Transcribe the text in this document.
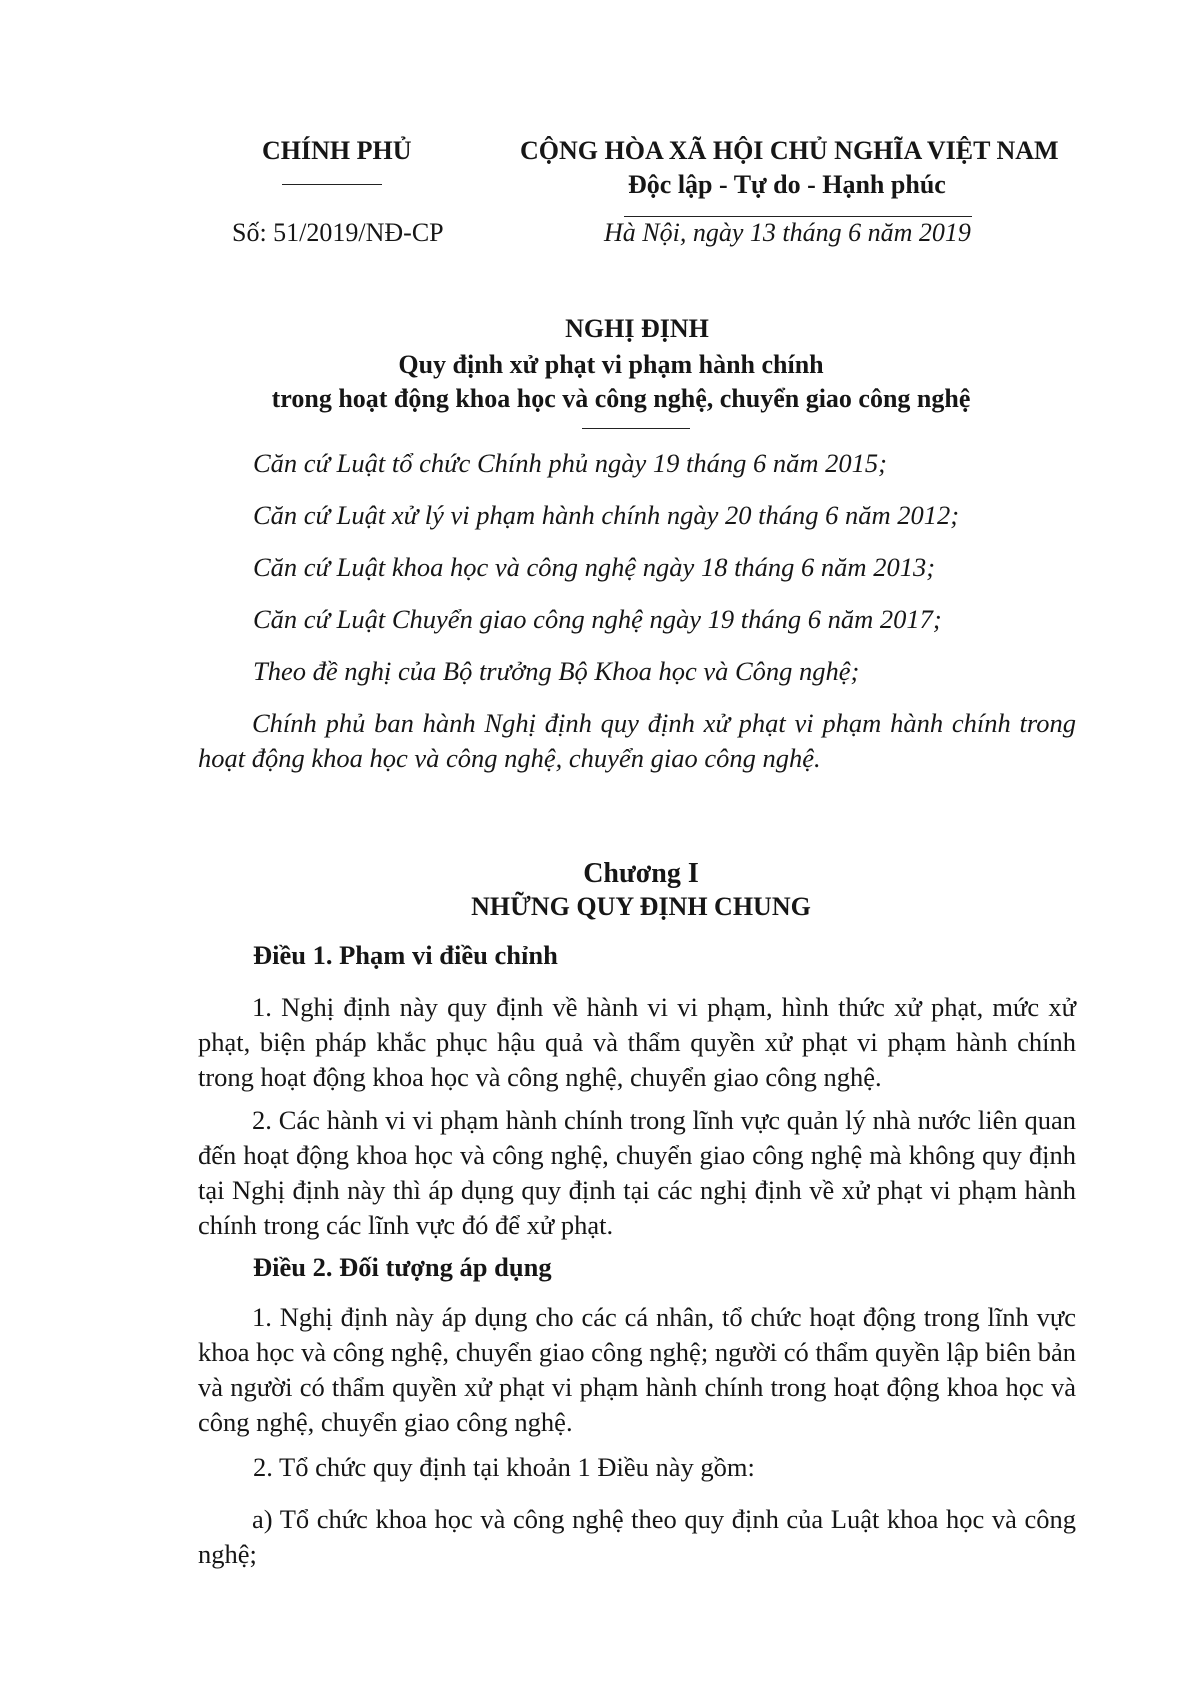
CHÍNH PHỦ	CỘNG HÒA XÃ HỘI CHỦ NGHĨA VIỆT NAM
Độc lập - Tự do - Hạnh phúc
Số: 51/2019/NĐ-CP	Hà Nội, ngày 13 tháng 6 năm 2019
NGHỊ ĐỊNH
Quy định xử phạt vi phạm hành chính
trong hoạt động khoa học và công nghệ, chuyển giao công nghệ
Căn cứ Luật tổ chức Chính phủ ngày 19 tháng 6 năm 2015;
Căn cứ Luật xử lý vi phạm hành chính ngày 20 tháng 6 năm 2012;
Căn cứ Luật khoa học và công nghệ ngày 18 tháng 6 năm 2013;
Căn cứ Luật Chuyển giao công nghệ ngày 19 tháng 6 năm 2017;
Theo đề nghị của Bộ trưởng Bộ Khoa học và Công nghệ;
Chính phủ ban hành Nghị định quy định xử phạt vi phạm hành chính trong hoạt động khoa học và công nghệ, chuyển giao công nghệ.
Chương I
NHỮNG QUY ĐỊNH CHUNG
Điều 1. Phạm vi điều chỉnh
1. Nghị định này quy định về hành vi vi phạm, hình thức xử phạt, mức xử phạt, biện pháp khắc phục hậu quả và thẩm quyền xử phạt vi phạm hành chính trong hoạt động khoa học và công nghệ, chuyển giao công nghệ.
2. Các hành vi vi phạm hành chính trong lĩnh vực quản lý nhà nước liên quan đến hoạt động khoa học và công nghệ, chuyển giao công nghệ mà không quy định tại Nghị định này thì áp dụng quy định tại các nghị định về xử phạt vi phạm hành chính trong các lĩnh vực đó để xử phạt.
Điều 2. Đối tượng áp dụng
1. Nghị định này áp dụng cho các cá nhân, tổ chức hoạt động trong lĩnh vực khoa học và công nghệ, chuyển giao công nghệ; người có thẩm quyền lập biên bản và người có thẩm quyền xử phạt vi phạm hành chính trong hoạt động khoa học và công nghệ, chuyển giao công nghệ.
2. Tổ chức quy định tại khoản 1 Điều này gồm:
a) Tổ chức khoa học và công nghệ theo quy định của Luật khoa học và công nghệ;
